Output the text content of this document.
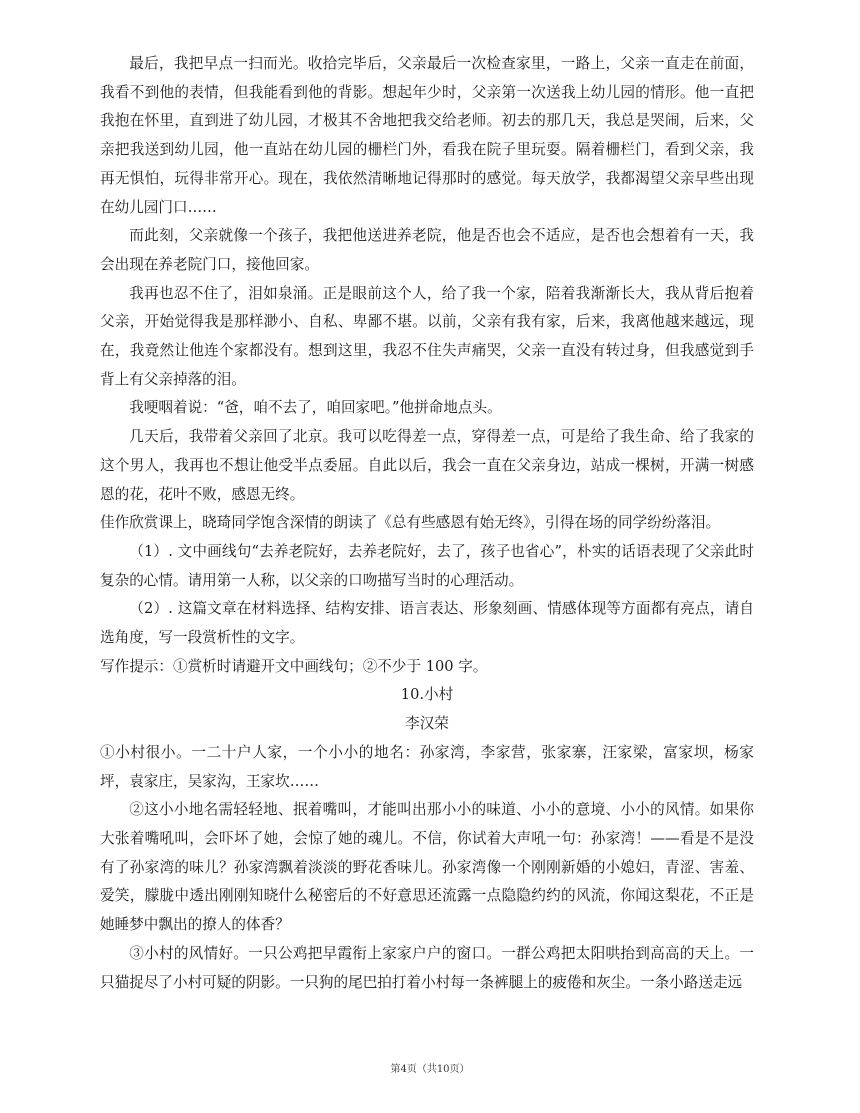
最后，我把早点一扫而光。收拾完毕后，父亲最后一次检查家里，一路上，父亲一直走在前面，我看不到他的表情，但我能看到他的背影。想起年少时，父亲第一次送我上幼儿园的情形。他一直把我抱在怀里，直到进了幼儿园，才极其不舍地把我交给老师。初去的那几天，我总是哭闹，后来，父亲把我送到幼儿园，他一直站在幼儿园的栅栏门外，看我在院子里玩耍。隔着栅栏门，看到父亲，我再无惧怕，玩得非常开心。现在，我依然清晰地记得那时的感觉。每天放学，我都渴望父亲早些出现在幼儿园门口……

而此刻，父亲就像一个孩子，我把他送进养老院，他是否也会不适应，是否也会想着有一天，我会出现在养老院门口，接他回家。

我再也忍不住了，泪如泉涌。正是眼前这个人，给了我一个家，陪着我渐渐长大，我从背后抱着父亲，开始觉得我是那样渺小、自私、卑鄙不堪。以前，父亲有我有家，后来，我离他越来越远，现在，我竟然让他连个家都没有。想到这里，我忍不住失声痛哭，父亲一直没有转过身，但我感觉到手背上有父亲掉落的泪。

我哽咽着说：“爸，咱不去了，咱回家吧。”他拼命地点头。

几天后，我带着父亲回了北京。我可以吃得差一点，穿得差一点，可是给了我生命、给了我家的这个男人，我再也不想让他受半点委屈。自此以后，我会一直在父亲身边，站成一棵树，开满一树感恩的花，花叶不败，感恩无终。

佳作欣赏课上，晓琦同学饱含深情的朗读了《总有些感恩有始无终》，引得在场的同学纷纷落泪。

（1）. 文中画线句“去养老院好，去养老院好，去了，孩子也省心”，朴实的话语表现了父亲此时复杂的心情。请用第一人称，以父亲的口吻描写当时的心理活动。

（2）. 这篇文章在材料选择、结构安排、语言表达、形象刻画、情感体现等方面都有亮点，请自选角度，写一段赏析性的文字。

写作提示：①赏析时请避开文中画线句；②不少于 100 字。

10.小村

李汉荣

①小村很小。一二十户人家，一个小小的地名：孙家湾，李家营，张家寨，汪家梁，富家坝，杨家坪，袁家庄，吴家沟，王家坎……

②这小小地名需轻轻地、抿着嘴叫，才能叫出那小小的味道、小小的意境、小小的风情。如果你大张着嘴吼叫，会吓坏了她，会惊了她的魂儿。不信，你试着大声吼一句：孙家湾！——看是不是没有了孙家湾的味儿？孙家湾飘着淡淡的野花香味儿。孙家湾像一个刚刚新婚的小媳妇，青涩、害羞、爱笑，朦胧中透出刚刚知晓什么秘密后的不好意思还流露一点隐隐约约的风流，你闻这梨花，不正是她睡梦中飘出的撩人的体香？

③小村的风情好。一只公鸡把早霞衔上家家户户的窗口。一群公鸡把太阳哄抬到高高的天上。一只猫捉尽了小村可疑的阴影。一只狗的尾巴拍打着小村每一条裤腿上的疲倦和灰尘。一条小路送走远

第4页（共10页）
